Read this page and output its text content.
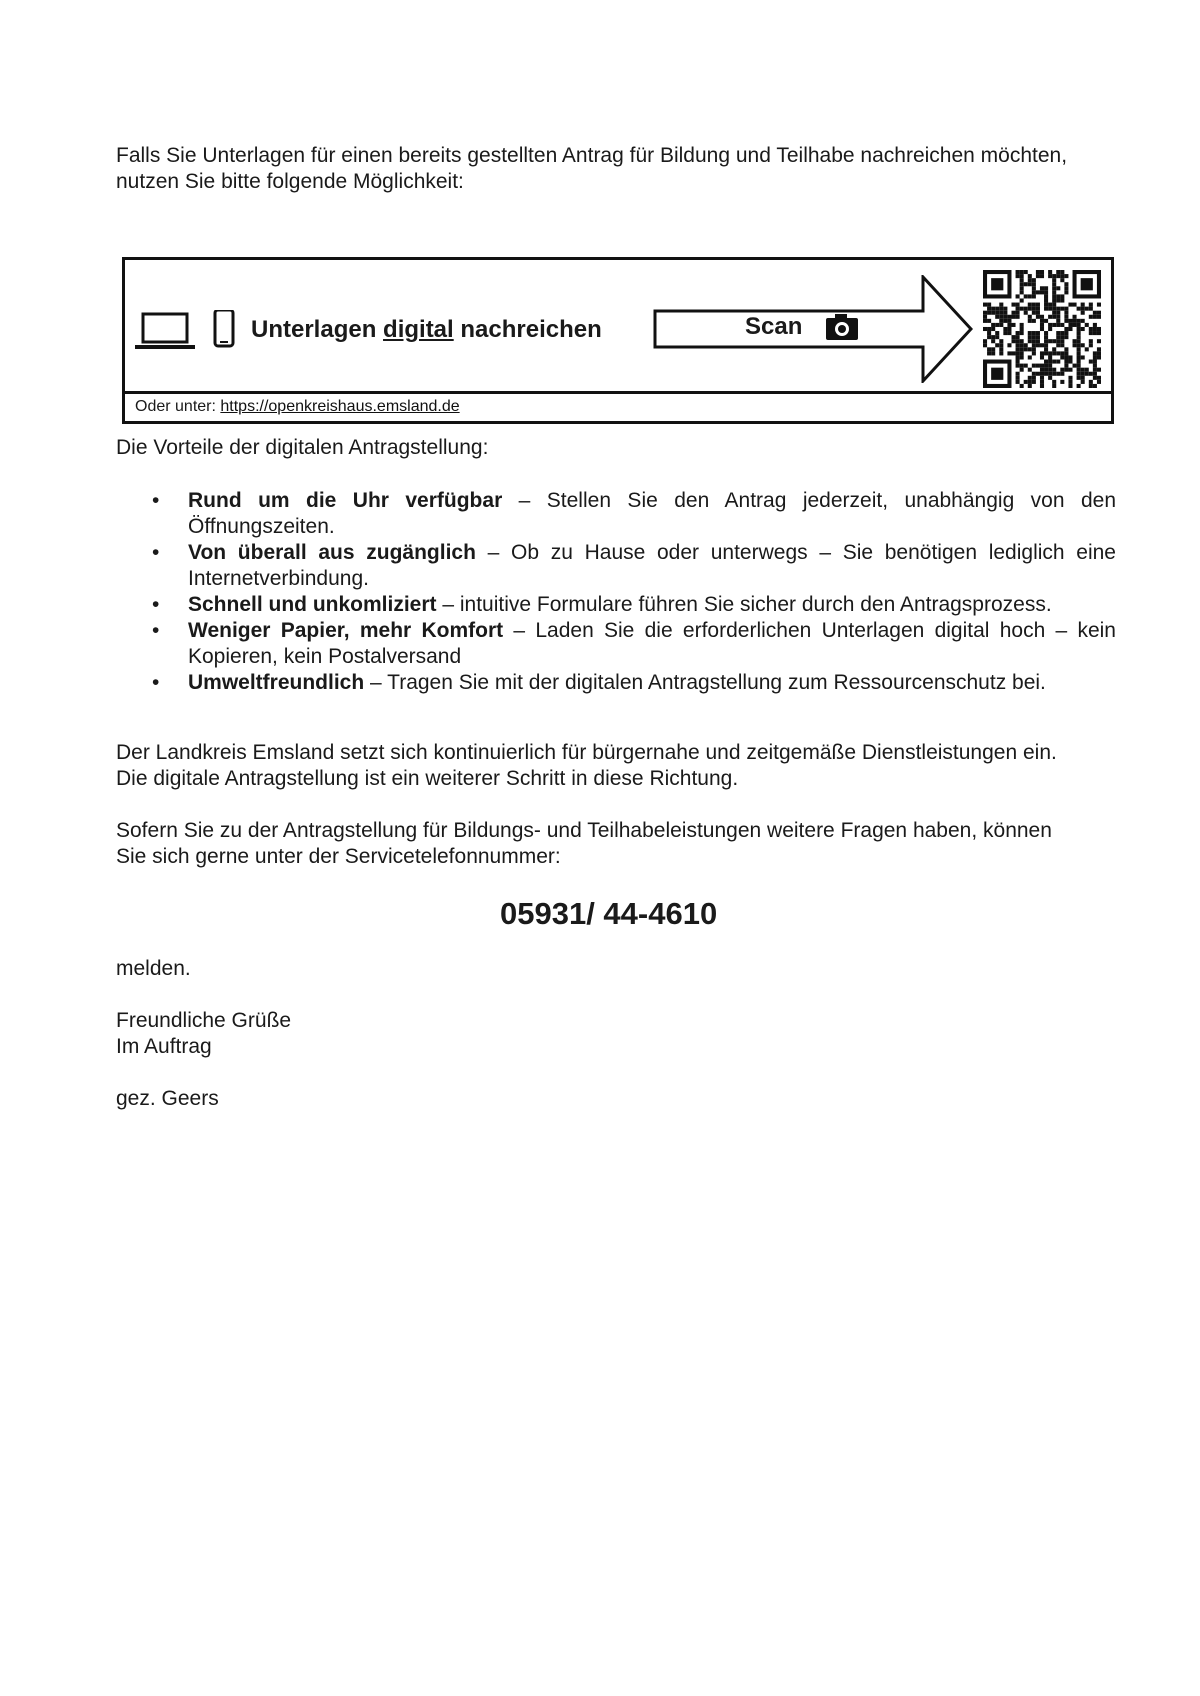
Falls Sie Unterlagen für einen bereits gestellten Antrag für Bildung und Teilhabe nachreichen möchten,

nutzen Sie bitte folgende Möglichkeit:

Unterlagen digital nachreichen	Scan
Oder unter: https://openkreishaus.emsland.de

Die Vorteile der digitalen Antragstellung:

• Rund um die Uhr verfügbar – Stellen Sie den Antrag jederzeit, unabhängig von den Öffnungszeiten.
• Von überall aus zugänglich – Ob zu Hause oder unterwegs – Sie benötigen lediglich eine Internetverbindung.
• Schnell und unkomliziert – intuitive Formulare führen Sie sicher durch den Antragsprozess.
• Weniger Papier, mehr Komfort – Laden Sie die erforderlichen Unterlagen digital hoch – kein Kopieren, kein Postalversand
• Umweltfreundlich – Tragen Sie mit der digitalen Antragstellung zum Ressourcenschutz bei.

Der Landkreis Emsland setzt sich kontinuierlich für bürgernahe und zeitgemäße Dienstleistungen ein.

Die digitale Antragstellung ist ein weiterer Schritt in diese Richtung.

Sofern Sie zu der Antragstellung für Bildungs- und Teilhabeleistungen weitere Fragen haben, können

Sie sich gerne unter der Servicetelefonnummer:

05931/ 44-4610
melden.

Freundliche Grüße

Im Auftrag

gez. Geers
